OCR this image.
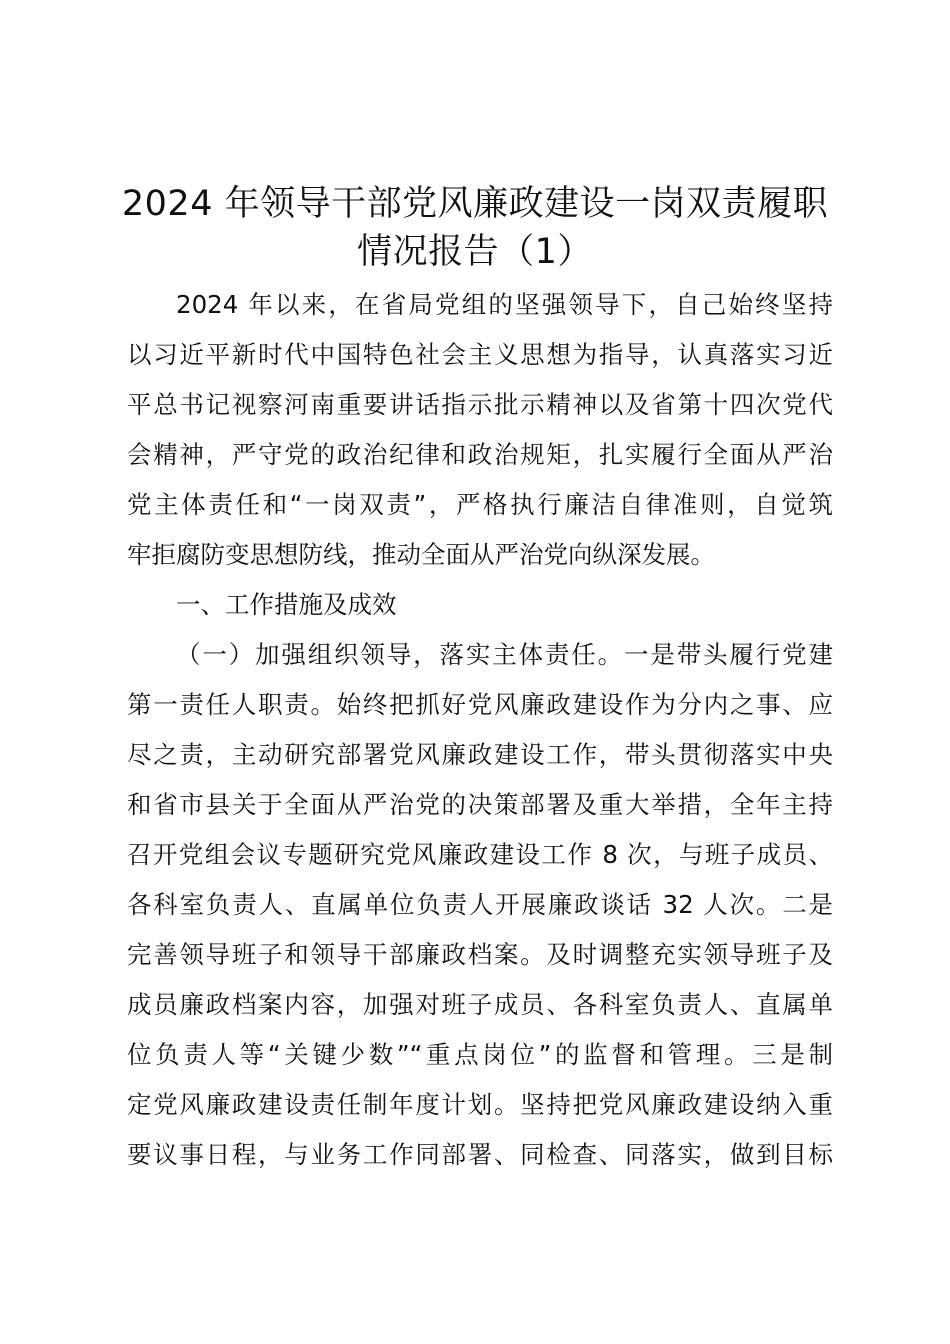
2024 年领导干部党风廉政建设一岗双责履职
情况报告（1）
2024 年以来，在省局党组的坚强领导下，自己始终坚持
以习近平新时代中国特色社会主义思想为指导，认真落实习近
平总书记视察河南重要讲话指示批示精神以及省第十四次党代
会精神，严守党的政治纪律和政治规矩，扎实履行全面从严治
党主体责任和“一岗双责”，严格执行廉洁自律准则，自觉筑
牢拒腐防变思想防线，推动全面从严治党向纵深发展。
一、工作措施及成效
（一）加强组织领导，落实主体责任。一是带头履行党建
第一责任人职责。始终把抓好党风廉政建设作为分内之事、应
尽之责，主动研究部署党风廉政建设工作，带头贯彻落实中央
和省市县关于全面从严治党的决策部署及重大举措，全年主持
召开党组会议专题研究党风廉政建设工作 8 次，与班子成员、
各科室负责人、直属单位负责人开展廉政谈话 32 人次。二是
完善领导班子和领导干部廉政档案。及时调整充实领导班子及
成员廉政档案内容，加强对班子成员、各科室负责人、直属单
位负责人等“关键少数”“重点岗位”的监督和管理。三是制
定党风廉政建设责任制年度计划。坚持把党风廉政建设纳入重
要议事日程，与业务工作同部署、同检查、同落实，做到目标
